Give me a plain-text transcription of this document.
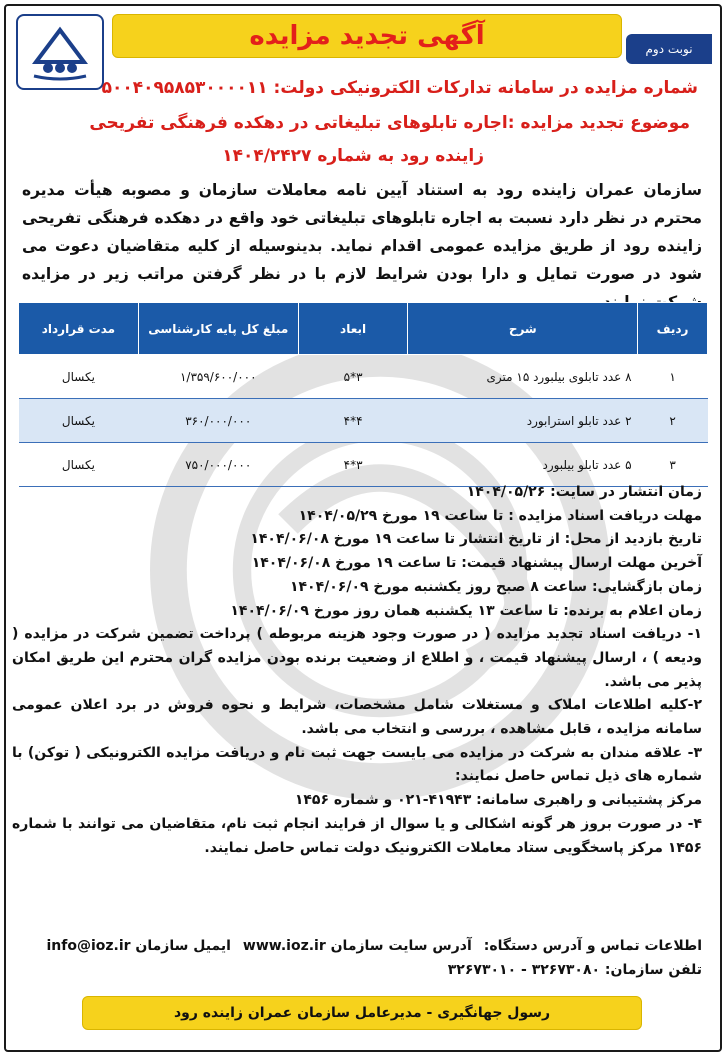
آگهی تجدید مزایده	نوبت دوم
شماره مزایده در سامانه تدارکات الکترونیکی دولت: ۵۰۰۴۰۹۵۸۵۳۰۰۰۰۱۱
موضوع تجدید مزایده :اجاره تابلوهای تبلیغاتی در دهکده فرهنگی تفریحی
زاینده رود به شماره ۱۴۰۴/۲۴۲۷
سازمان عمران زاینده رود به استناد آیین نامه معاملات سازمان و مصوبه هیأت مدیره محترم در نظر دارد نسبت به اجاره تابلوهای تبلیغاتی خود واقع در دهکده فرهنگی تفریحی زاینده رود از طریق مزایده عمومی اقدام نماید. بدینوسیله از کلیه متقاضیان دعوت می شود در صورت تمایل و دارا بودن شرایط لازم با در نظر گرفتن مراتب زیر در مزایده
ردیف	شرح	ابعاد	مبلغ کل پایه کارشناسی	مدت قرارداد
۱	۸ عدد تابلوی بیلبورد ۱۵ متری	۳*۵	۱/۳۵۹/۶۰۰/۰۰۰	یکسال
۲	۲ عدد تابلو استرابورد	۴*۴	۳۶۰/۰۰۰/۰۰۰	یکسال
۳	۵ عدد تابلو بیلبورد	۳*۴	۷۵۰/۰۰۰/۰۰۰	یکسال
زمان انتشار در سایت: ۱۴۰۴/۰۵/۲۶
مهلت دریافت اسناد مزایده : تا ساعت ۱۹ مورخ ۱۴۰۴/۰۵/۲۹
تاریخ بازدید از محل: از تاریخ انتشار تا ساعت ۱۹ مورخ ۱۴۰۴/۰۶/۰۸
آخرین مهلت ارسال پیشنهاد قیمت: تا ساعت ۱۹ مورخ ۱۴۰۴/۰۶/۰۸
زمان بازگشایی: ساعت ۸ صبح روز یکشنبه مورخ ۱۴۰۴/۰۶/۰۹
زمان اعلام به برنده: تا ساعت ۱۳ یکشنبه همان روز مورخ ۱۴۰۴/۰۶/۰۹
۱- دریافت اسناد تجدید مزایده ( در صورت وجود هزینه مربوطه ) پرداخت تضمین شرکت در مزایده ( ودیعه ) ، ارسال پیشنهاد قیمت ، و اطلاع از وضعیت برنده بودن مزایده گران محترم این طریق امکان پذیر می باشد.
۲-کلیه اطلاعات املاک و مستغلات شامل مشخصات، شرایط و نحوه فروش در برد اعلان عمومی سامانه مزایده ، قابل مشاهده ، بررسی و انتخاب می باشد.
۳- علاقه مندان به شرکت در مزایده می بایست جهت ثبت نام و دریافت مزایده الکترونیکی ( توکن) با شماره های ذیل تماس حاصل نمایند:
مرکز پشتیبانی و راهبری سامانه: ۴۱۹۴۳-۰۲۱ و شماره ۱۴۵۶
۴- در صورت بروز هر گونه اشکالی و یا سوال از فرایند انجام ثبت نام، متقاضیان می توانند با شماره ۱۴۵۶ مرکز پاسخگویی ستاد معاملات الکترونیک دولت تماس حاصل نمایند.
اطلاعات تماس و آدرس دستگاه:
آدرس سایت سازمان www.ioz.ir
ایمیل سازمان info@ioz.ir
تلفن سازمان: ۳۲۶۷۳۰۸۰ - ۳۲۶۷۳۰۱۰
رسول جهانگیری - مدیرعامل سازمان عمران زاینده رود
